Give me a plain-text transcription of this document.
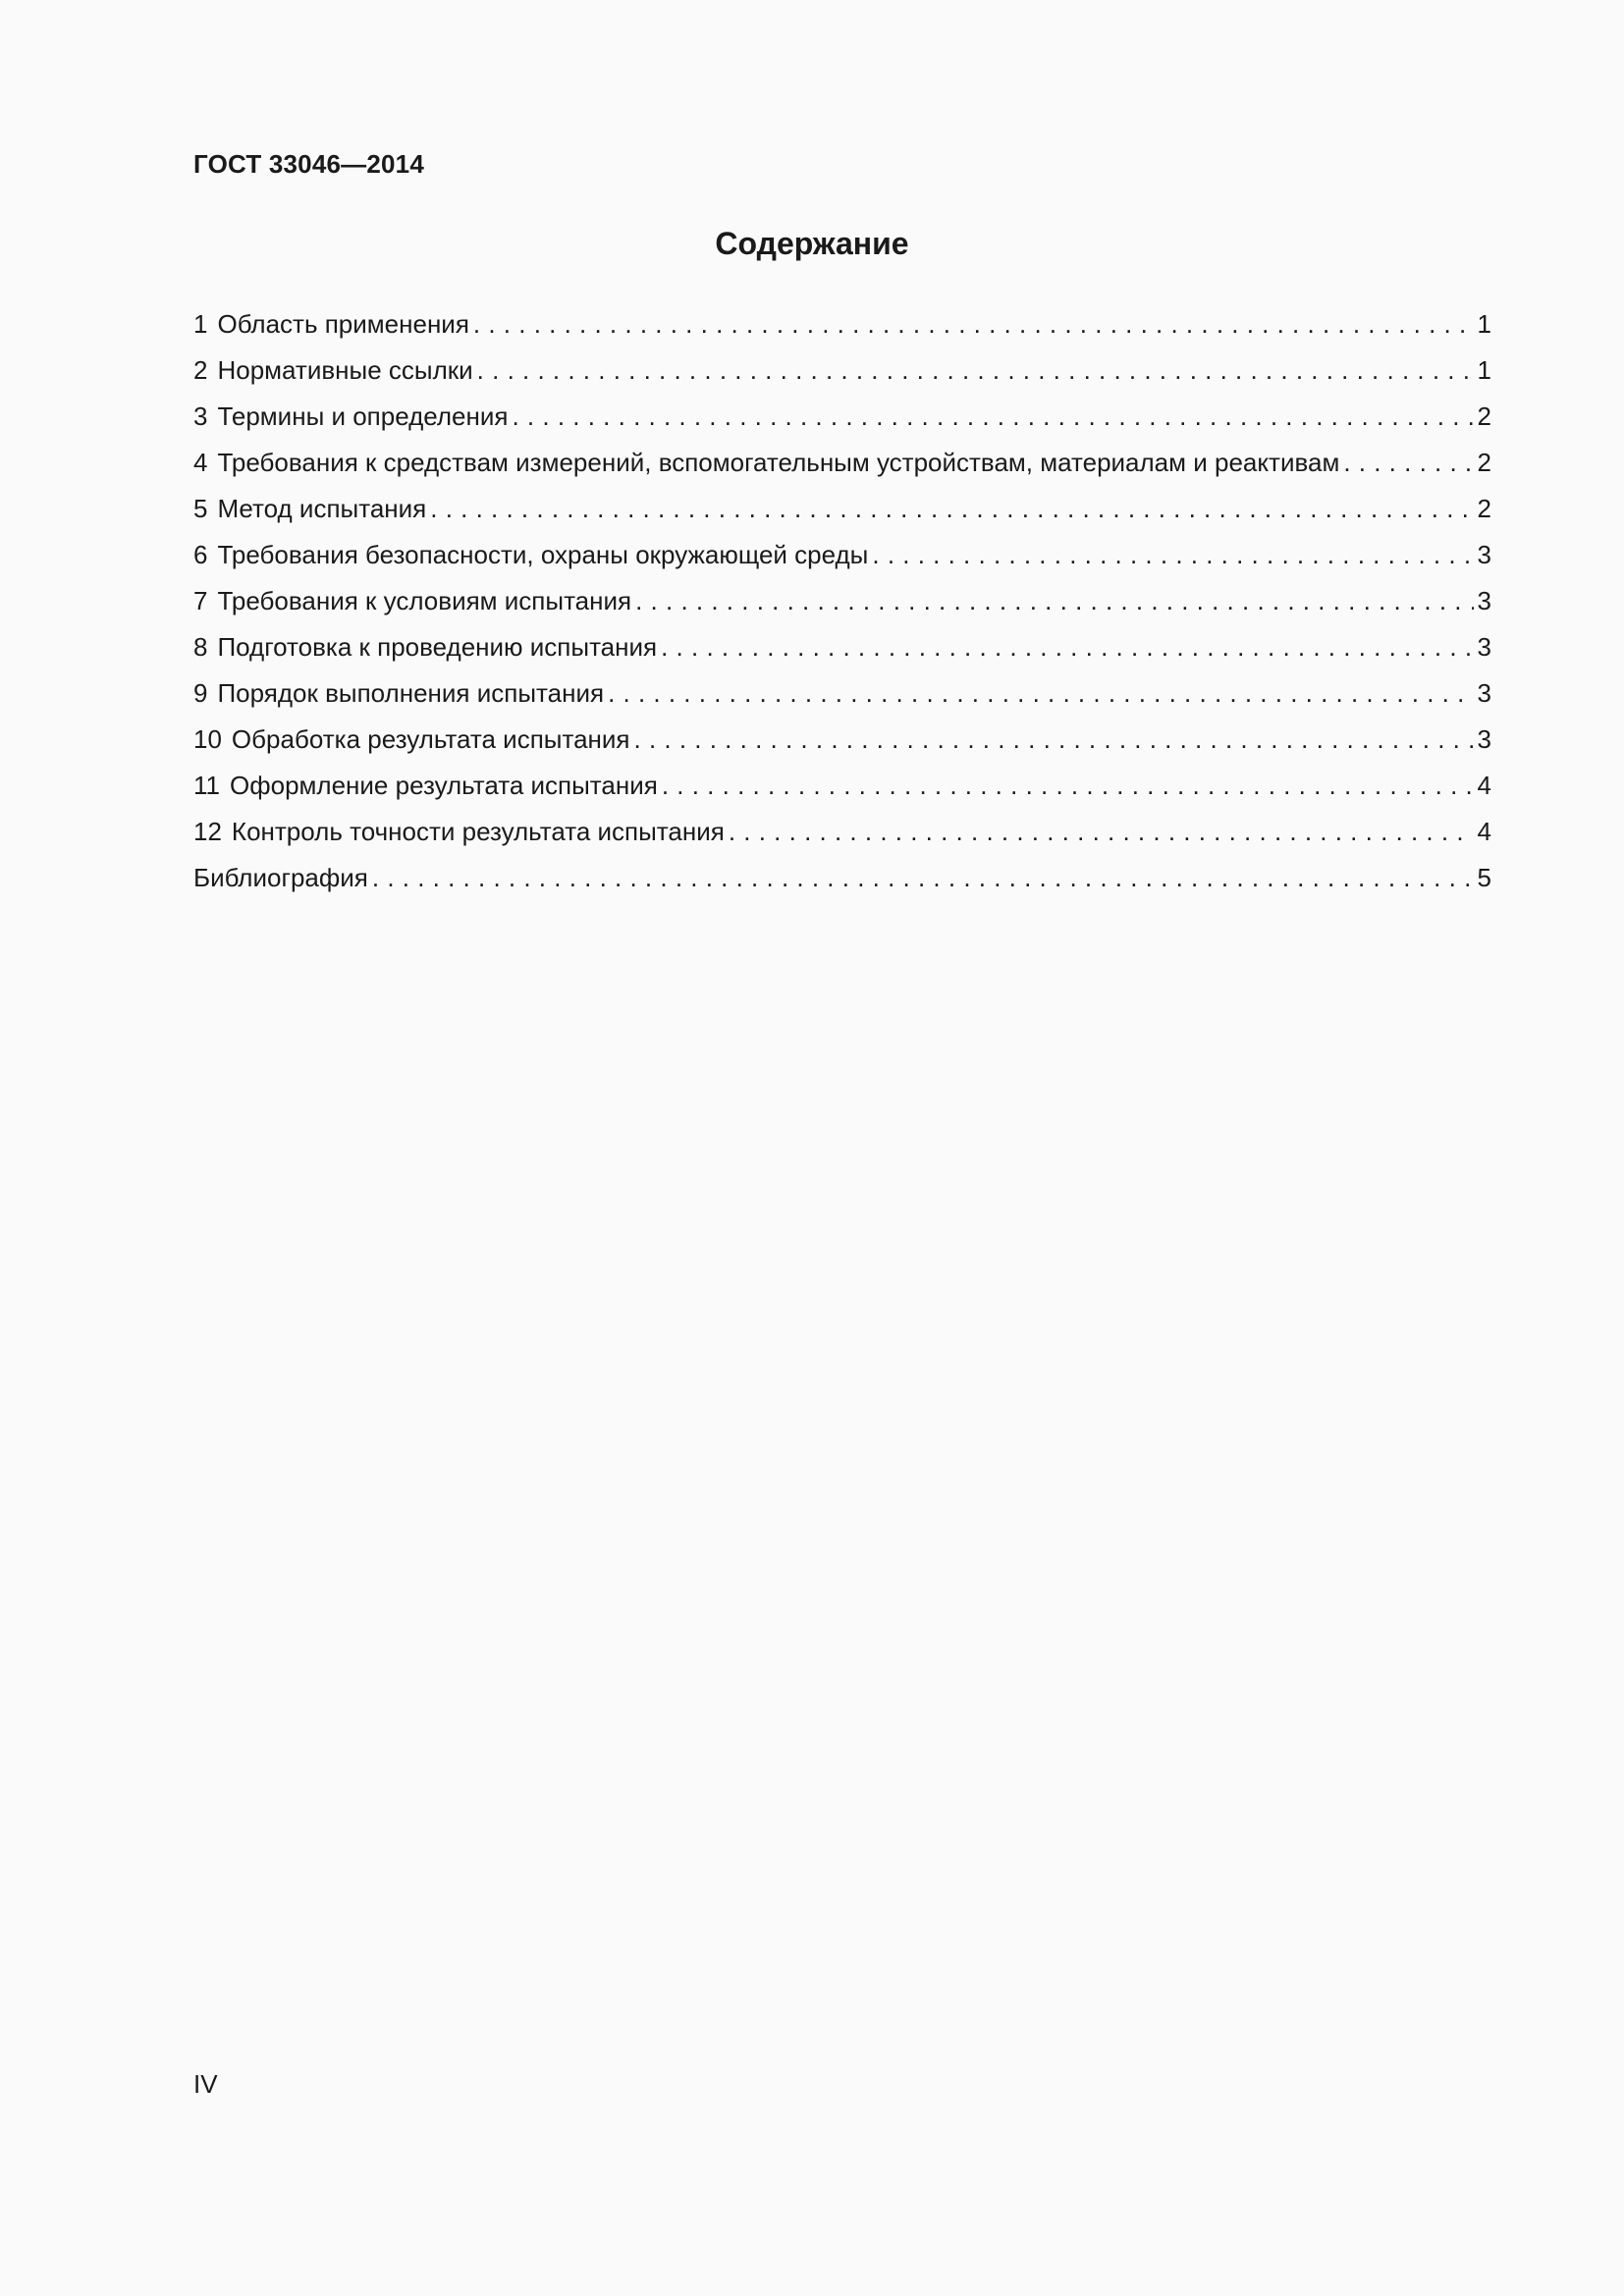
ГОСТ 33046—2014
Содержание
1 Область применения . . .	1
2 Нормативные ссылки . . .	1
3 Термины и определения . . .	2
4 Требования к средствам измерений, вспомогательным устройствам, материалам и реактивам . . .	2
5 Метод испытания . . .	2
6 Требования безопасности, охраны окружающей среды . . .	3
7 Требования к условиям испытания . . .	3
8 Подготовка к проведению испытания . . .	3
9 Порядок выполнения испытания . . .	3
10 Обработка результата испытания . . .	3
11 Оформление результата испытания . . .	4
12 Контроль точности результата испытания . . .	4
Библиография . . .	5
IV
